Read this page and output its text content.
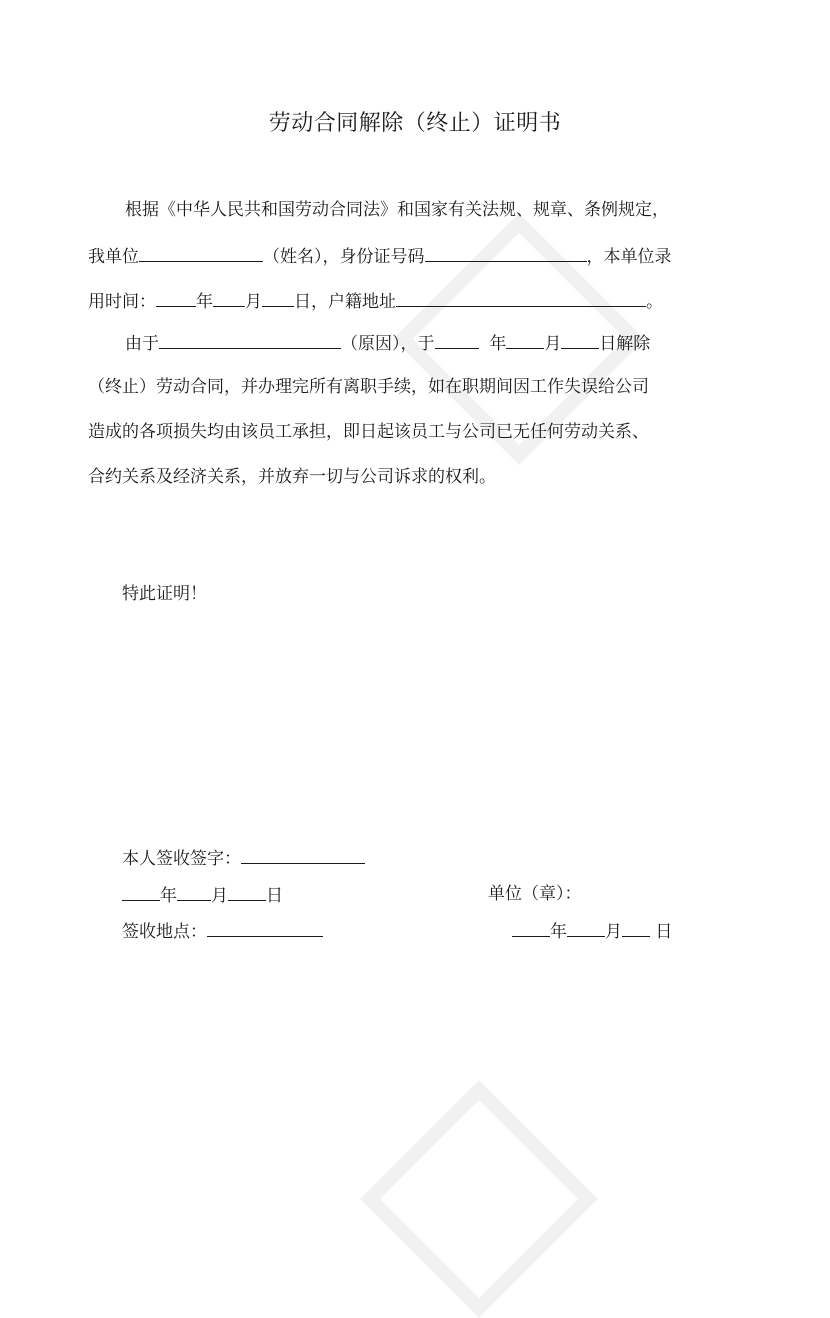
劳动合同解除（终止）证明书
根据《中华人民共和国劳动合同法》和国家有关法规、规章、条例规定，
我单位	（姓名），身份证号码	，本单位录
用时间： 年 月 日，户籍地址	。
由于	（原因），于	年 月 日解除
（终止）劳动合同，并办理完所有离职手续，如在职期间因工作失误给公司
造成的各项损失均由该员工承担，即日起该员工与公司已无任何劳动关系、
合约关系及经济关系，并放弃一切与公司诉求的权利。
特此证明！
本人签收签字：
年 月 日	单位（章）：
签收地点：	年 月 日
